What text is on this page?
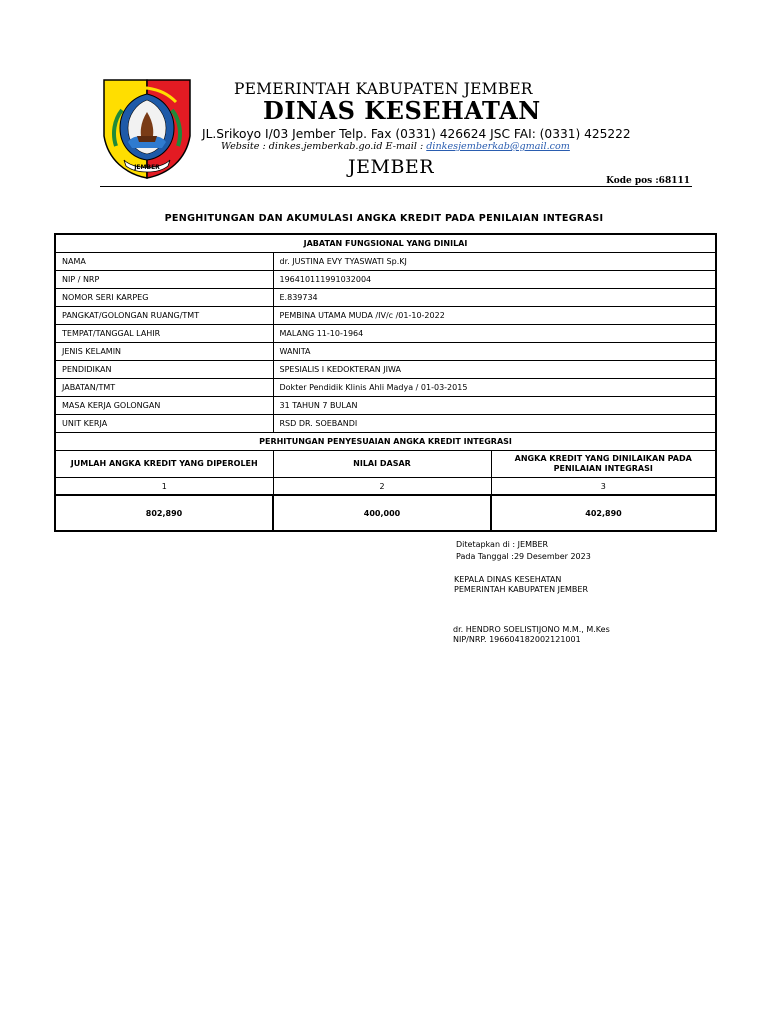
JEMBER
PEMERINTAH KABUPATEN JEMBER
DINAS KESEHATAN
JL.Srikoyo I/03 Jember Telp. Fax (0331) 426624 JSC FAI: (0331) 425222
Website : dinkes.jemberkab.go.id E-mail : dinkesjemberkab@gmail.com
JEMBER
Kode pos :68111
PENGHITUNGAN DAN AKUMULASI ANGKA KREDIT PADA PENILAIAN INTEGRASI
JABATAN FUNGSIONAL YANG DINILAI		
NAMA	dr. JUSTINA EVY TYASWATI Sp.KJ	
NIP / NRP	196410111991032004	
NOMOR SERI KARPEG	E.839734	
PANGKAT/GOLONGAN RUANG/TMT	PEMBINA UTAMA MUDA /IV/c /01-10-2022	
TEMPAT/TANGGAL LAHIR	MALANG 11-10-1964	
JENIS KELAMIN	WANITA	
PENDIDIKAN	SPESIALIS I KEDOKTERAN JIWA	
JABATAN/TMT	Dokter Pendidik Klinis Ahli Madya / 01-03-2015	
MASA KERJA GOLONGAN	31 TAHUN 7 BULAN	
UNIT KERJA	RSD DR. SOEBANDI	
PERHITUNGAN PENYESUAIAN ANGKA KREDIT INTEGRASI		
JUMLAH ANGKA KREDIT YANG DIPEROLEH	NILAI DASAR	ANGKA KREDIT YANG DINILAIKAN PADA PENILAIAN INTEGRASI
1	2	3
802,890	400,000	402,890
Ditetapkan di : JEMBER
Pada Tanggal :29 Desember 2023
KEPALA DINAS KESEHATAN
PEMERINTAH KABUPATEN JEMBER
dr. HENDRO SOELISTIJONO M.M., M.Kes
NIP/NRP. 196604182002121001
